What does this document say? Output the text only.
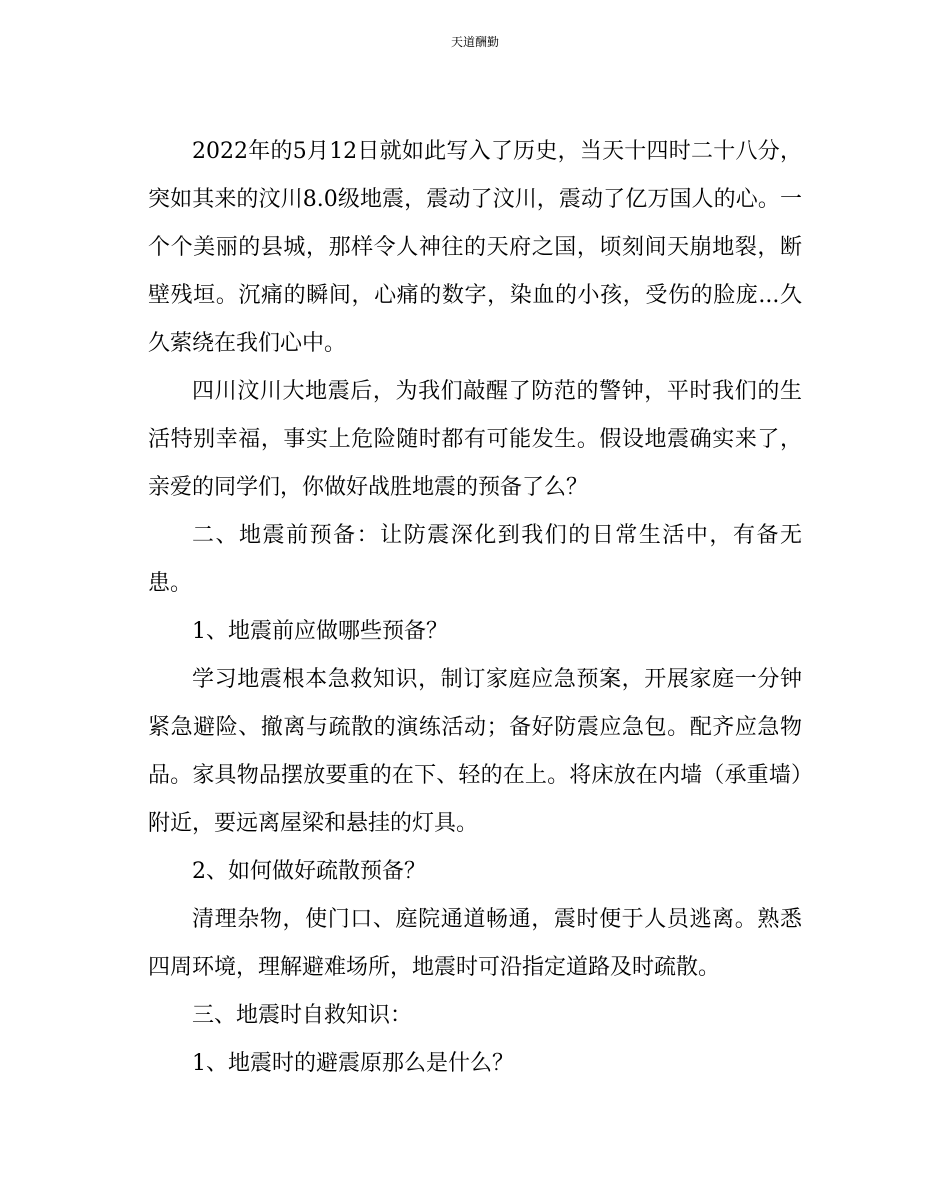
天道酬勤

2022年的5月12日就如此写入了历史，当天十四时二十八分，突如其来的汶川8.0级地震，震动了汶川，震动了亿万国人的心。一个个美丽的县城，那样令人神往的天府之国，顷刻间天崩地裂，断壁残垣。沉痛的瞬间，心痛的数字，染血的小孩，受伤的脸庞...久久萦绕在我们心中。

四川汶川大地震后，为我们敲醒了防范的警钟，平时我们的生活特别幸福，事实上危险随时都有可能发生。假设地震确实来了，亲爱的同学们，你做好战胜地震的预备了么？

二、地震前预备：让防震深化到我们的日常生活中，有备无患。

1、地震前应做哪些预备？

学习地震根本急救知识，制订家庭应急预案，开展家庭一分钟紧急避险、撤离与疏散的演练活动；备好防震应急包。配齐应急物品。家具物品摆放要重的在下、轻的在上。将床放在内墙（承重墙）附近，要远离屋梁和悬挂的灯具。

2、如何做好疏散预备？

清理杂物，使门口、庭院通道畅通，震时便于人员逃离。熟悉四周环境，理解避难场所，地震时可沿指定道路及时疏散。

三、地震时自救知识：

1、地震时的避震原那么是什么？
